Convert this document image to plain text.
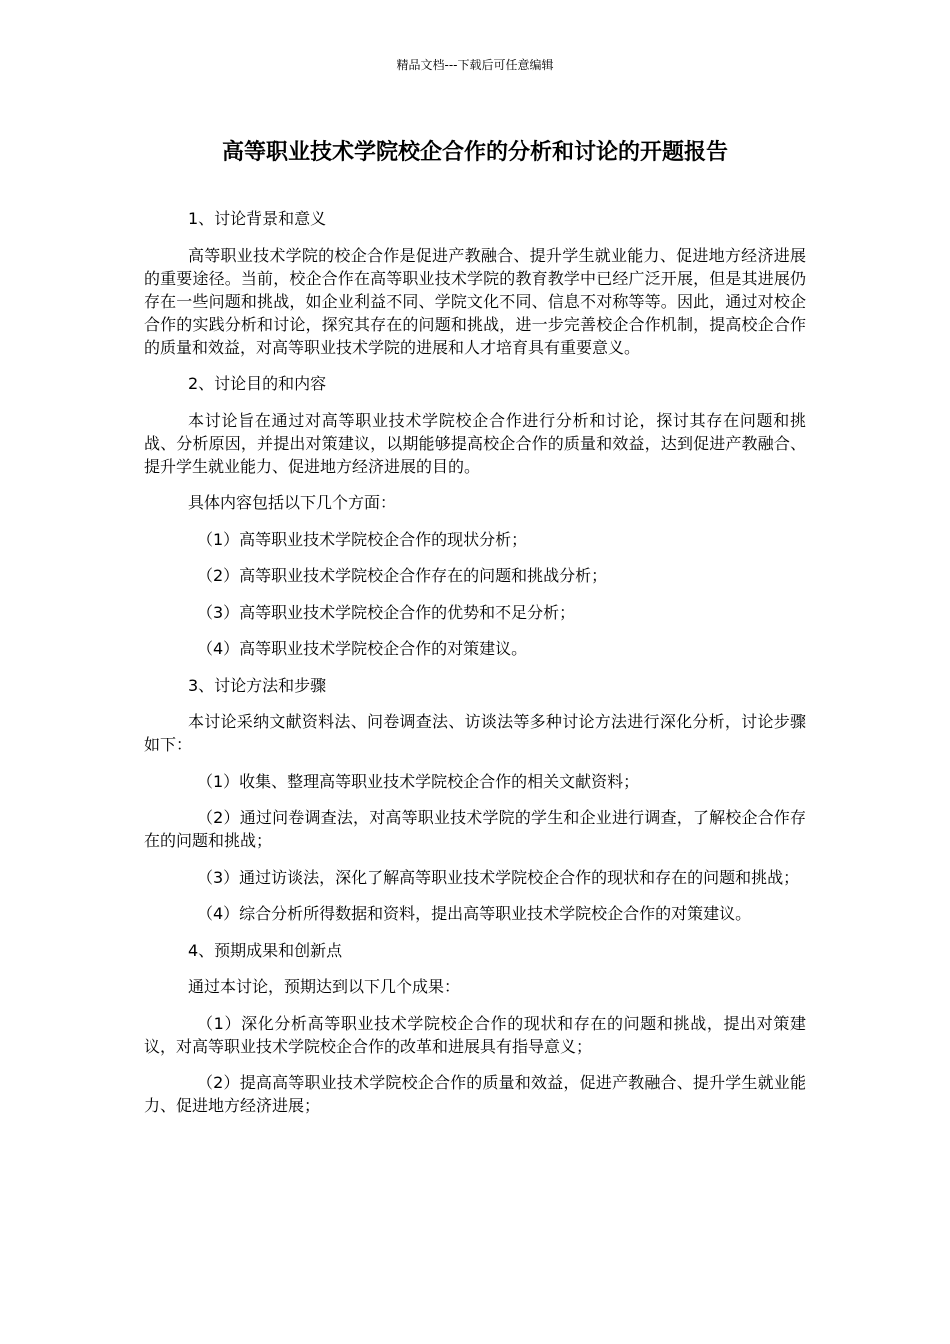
精品文档---下载后可任意编辑
高等职业技术学院校企合作的分析和讨论的开题报告

1、讨论背景和意义

高等职业技术学院的校企合作是促进产教融合、提升学生就业能力、促进地方经济进展的重要途径。当前，校企合作在高等职业技术学院的教育教学中已经广泛开展，但是其进展仍存在一些问题和挑战，如企业利益不同、学院文化不同、信息不对称等等。因此，通过对校企合作的实践分析和讨论，探究其存在的问题和挑战，进一步完善校企合作机制，提高校企合作的质量和效益，对高等职业技术学院的进展和人才培育具有重要意义。

2、讨论目的和内容

本讨论旨在通过对高等职业技术学院校企合作进行分析和讨论，探讨其存在问题和挑战、分析原因，并提出对策建议，以期能够提高校企合作的质量和效益，达到促进产教融合、提升学生就业能力、促进地方经济进展的目的。

具体内容包括以下几个方面：

（1）高等职业技术学院校企合作的现状分析；

（2）高等职业技术学院校企合作存在的问题和挑战分析；

（3）高等职业技术学院校企合作的优势和不足分析；

（4）高等职业技术学院校企合作的对策建议。

3、讨论方法和步骤

本讨论采纳文献资料法、问卷调查法、访谈法等多种讨论方法进行深化分析，讨论步骤如下：

（1）收集、整理高等职业技术学院校企合作的相关文献资料；

（2）通过问卷调查法，对高等职业技术学院的学生和企业进行调查，了解校企合作存在的问题和挑战；

（3）通过访谈法，深化了解高等职业技术学院校企合作的现状和存在的问题和挑战；

（4）综合分析所得数据和资料，提出高等职业技术学院校企合作的对策建议。

4、预期成果和创新点

通过本讨论，预期达到以下几个成果：

（1）深化分析高等职业技术学院校企合作的现状和存在的问题和挑战，提出对策建议，对高等职业技术学院校企合作的改革和进展具有指导意义；

（2）提高高等职业技术学院校企合作的质量和效益，促进产教融合、提升学生就业能力、促进地方经济进展；
